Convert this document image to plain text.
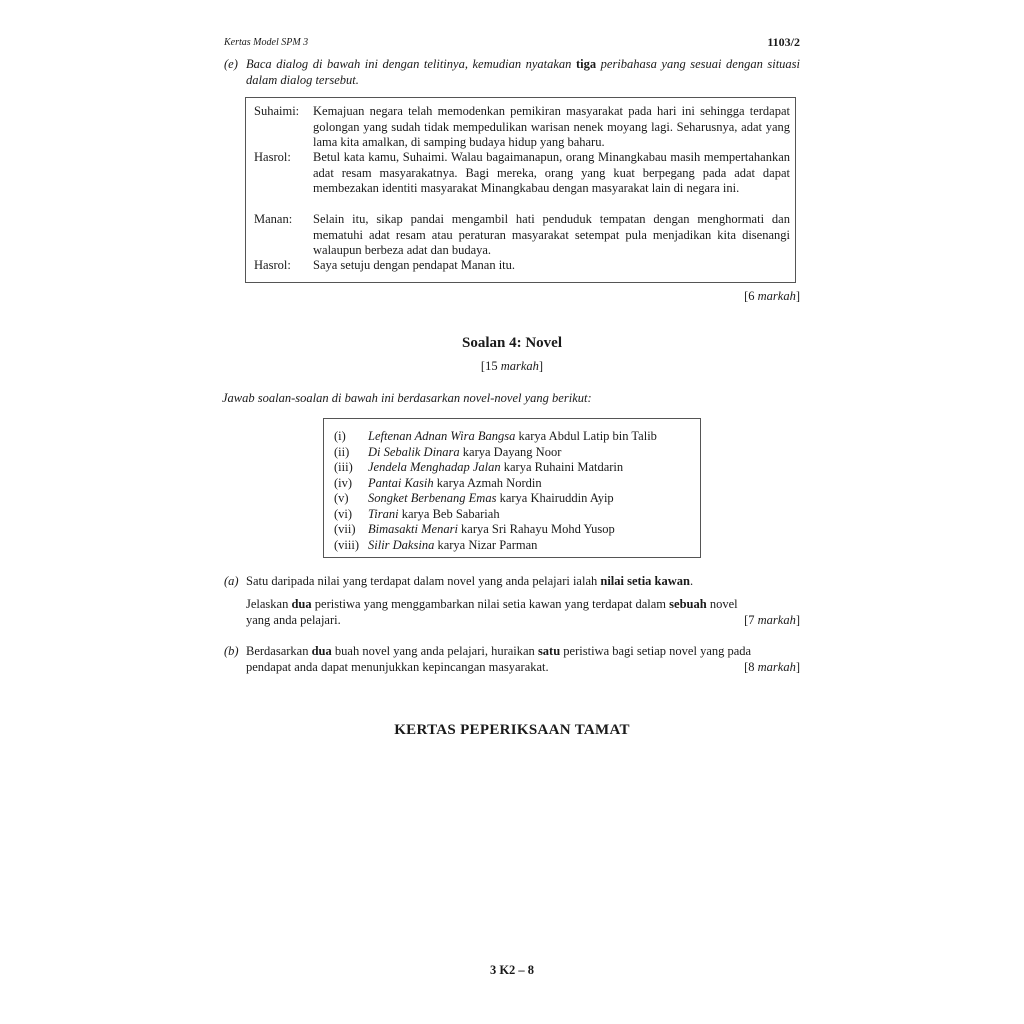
Kertas Model SPM 3	1103/2
(e) Baca dialog di bawah ini dengan telitinya, kemudian nyatakan tiga peribahasa yang sesuai dengan situasi dalam dialog tersebut.
Suhaimi:	Kemajuan negara telah memodenkan pemikiran masyarakat pada hari ini sehingga terdapat golongan yang sudah tidak mempedulikan warisan nenek moyang lagi. Seharusnya, adat yang lama kita amalkan, di samping budaya hidup yang baharu.
Hasrol:	Betul kata kamu, Suhaimi. Walau bagaimanapun, orang Minangkabau masih mempertahankan adat resam masyarakatnya. Bagi mereka, orang yang kuat berpegang pada adat dapat membezakan identiti masyarakat Minangkabau dengan masyarakat lain di negara ini.
Manan:	Selain itu, sikap pandai mengambil hati penduduk tempatan dengan menghormati dan mematuhi adat resam atau peraturan masyarakat setempat pula menjadikan kita disenangi walaupun berbeza adat dan budaya.
Hasrol:	Saya setuju dengan pendapat Manan itu.
[6 markah]
Soalan 4: Novel
[15 markah]
Jawab soalan-soalan di bawah ini berdasarkan novel-novel yang berikut:
(i) Leftenan Adnan Wira Bangsa karya Abdul Latip bin Talib
(ii) Di Sebalik Dinara karya Dayang Noor
(iii) Jendela Menghadap Jalan karya Ruhaini Matdarin
(iv) Pantai Kasih karya Azmah Nordin
(v) Songket Berbenang Emas karya Khairuddin Ayip
(vi) Tirani karya Beb Sabariah
(vii) Bimasakti Menari karya Sri Rahayu Mohd Yusop
(viii) Silir Daksina karya Nizar Parman
(a) Satu daripada nilai yang terdapat dalam novel yang anda pelajari ialah nilai setia kawan.
Jelaskan dua peristiwa yang menggambarkan nilai setia kawan yang terdapat dalam sebuah novel
yang anda pelajari.	[7 markah]
(b) Berdasarkan dua buah novel yang anda pelajari, huraikan satu peristiwa bagi setiap novel yang pada
pendapat anda dapat menunjukkan kepincangan masyarakat.	[8 markah]
KERTAS PEPERIKSAAN TAMAT
3 K2 – 8
